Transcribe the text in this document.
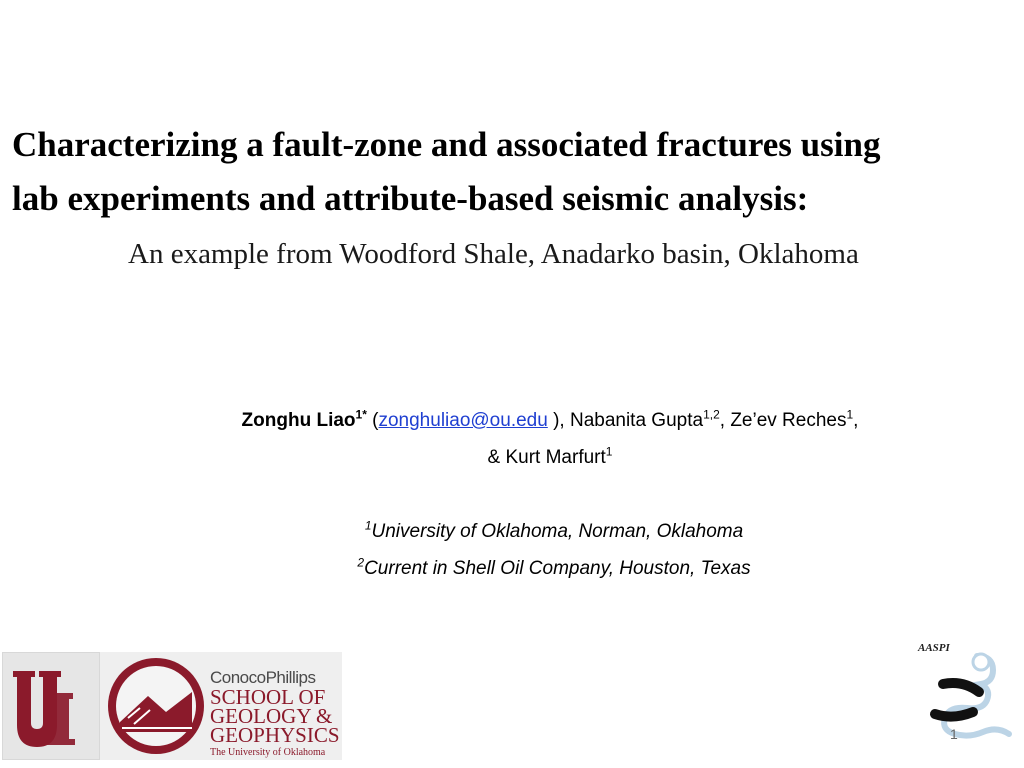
Characterizing a fault-zone and associated fractures using
lab experiments and attribute-based seismic analysis:
An example from Woodford Shale, Anadarko basin, Oklahoma
Zonghu Liao$^{1*}$ (zonghuliao@ou.edu ), Nabanita Gupta$^{1,2}$, Ze’ev Reches$^1$,
& Kurt Marfurt$^1$
$^1$University of Oklahoma, Norman, Oklahoma
$^2$Current in Shell Oil Company, Houston, Texas
ConocoPhillips
SCHOOL OF
GEOLOGY &
GEOPHYSICS
The University of Oklahoma
AASPI
1
